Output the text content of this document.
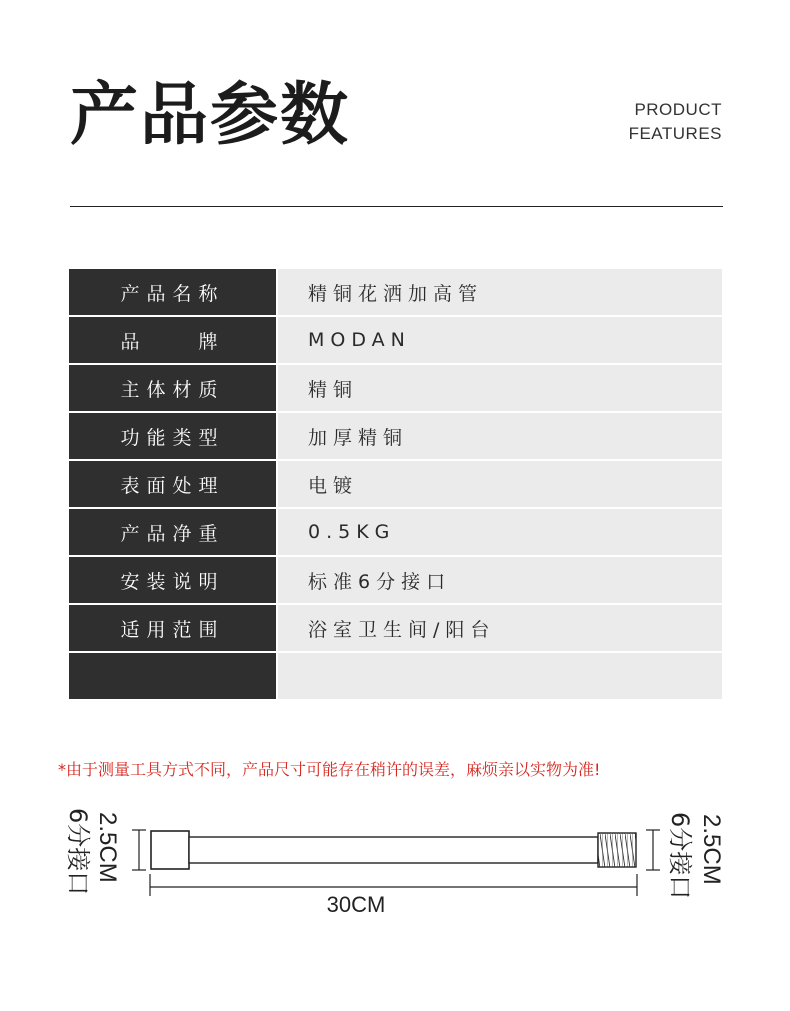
产品参数	PRODUCT
FEATURES
产品名称	精铜花洒加高管
品　　牌	MODAN
主体材质	精铜
功能类型	加厚精铜
表面处理	电镀
产品净重	0.5KG
安装说明	标准6分接口
适用范围	浴室卫生间/阳台
*由于测量工具方式不同，产品尺寸可能存在稍许的误差，麻烦亲以实物为准!
2.5CM
6分接口	6分接口 2.5CM
30CM
